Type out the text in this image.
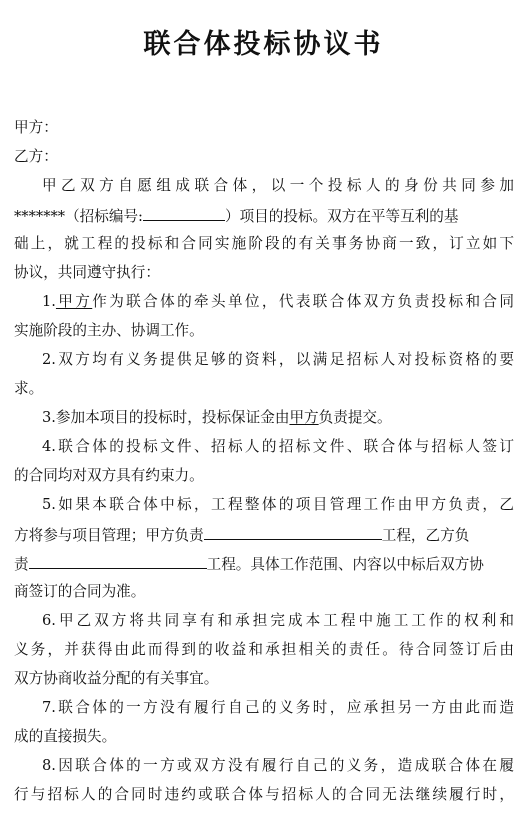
联合体投标协议书

甲方：

乙方：

甲乙双方自愿组成联合体，以一个投标人的身份共同参加

*******（招标编号:	）项目的投标。双方在平等互利的基

础上，就工程的投标和合同实施阶段的有关事务协商一致，订立如下

协议，共同遵守执行：

1.甲方作为联合体的牵头单位，代表联合体双方负责投标和合同

实施阶段的主办、协调工作。

2.双方均有义务提供足够的资料，以满足招标人对投标资格的要

求。

3.参加本项目的投标时，投标保证金由甲方负责提交。

4.联合体的投标文件、招标人的招标文件、联合体与招标人签订

的合同均对双方具有约束力。

5.如果本联合体中标，工程整体的项目管理工作由甲方负责，乙

方将参与项目管理；甲方负责	工程，乙方负

责	工程。具体工作范围、内容以中标后双方协

商签订的合同为准。

6.甲乙双方将共同享有和承担完成本工程中施工工作的权利和

义务，并获得由此而得到的收益和承担相关的责任。待合同签订后由

双方协商收益分配的有关事宜。

7.联合体的一方没有履行自己的义务时，应承担另一方由此而造

成的直接损失。

8.因联合体的一方或双方没有履行自己的义务，造成联合体在履

行与招标人的合同时违约或联合体与招标人的合同无法继续履行时，
